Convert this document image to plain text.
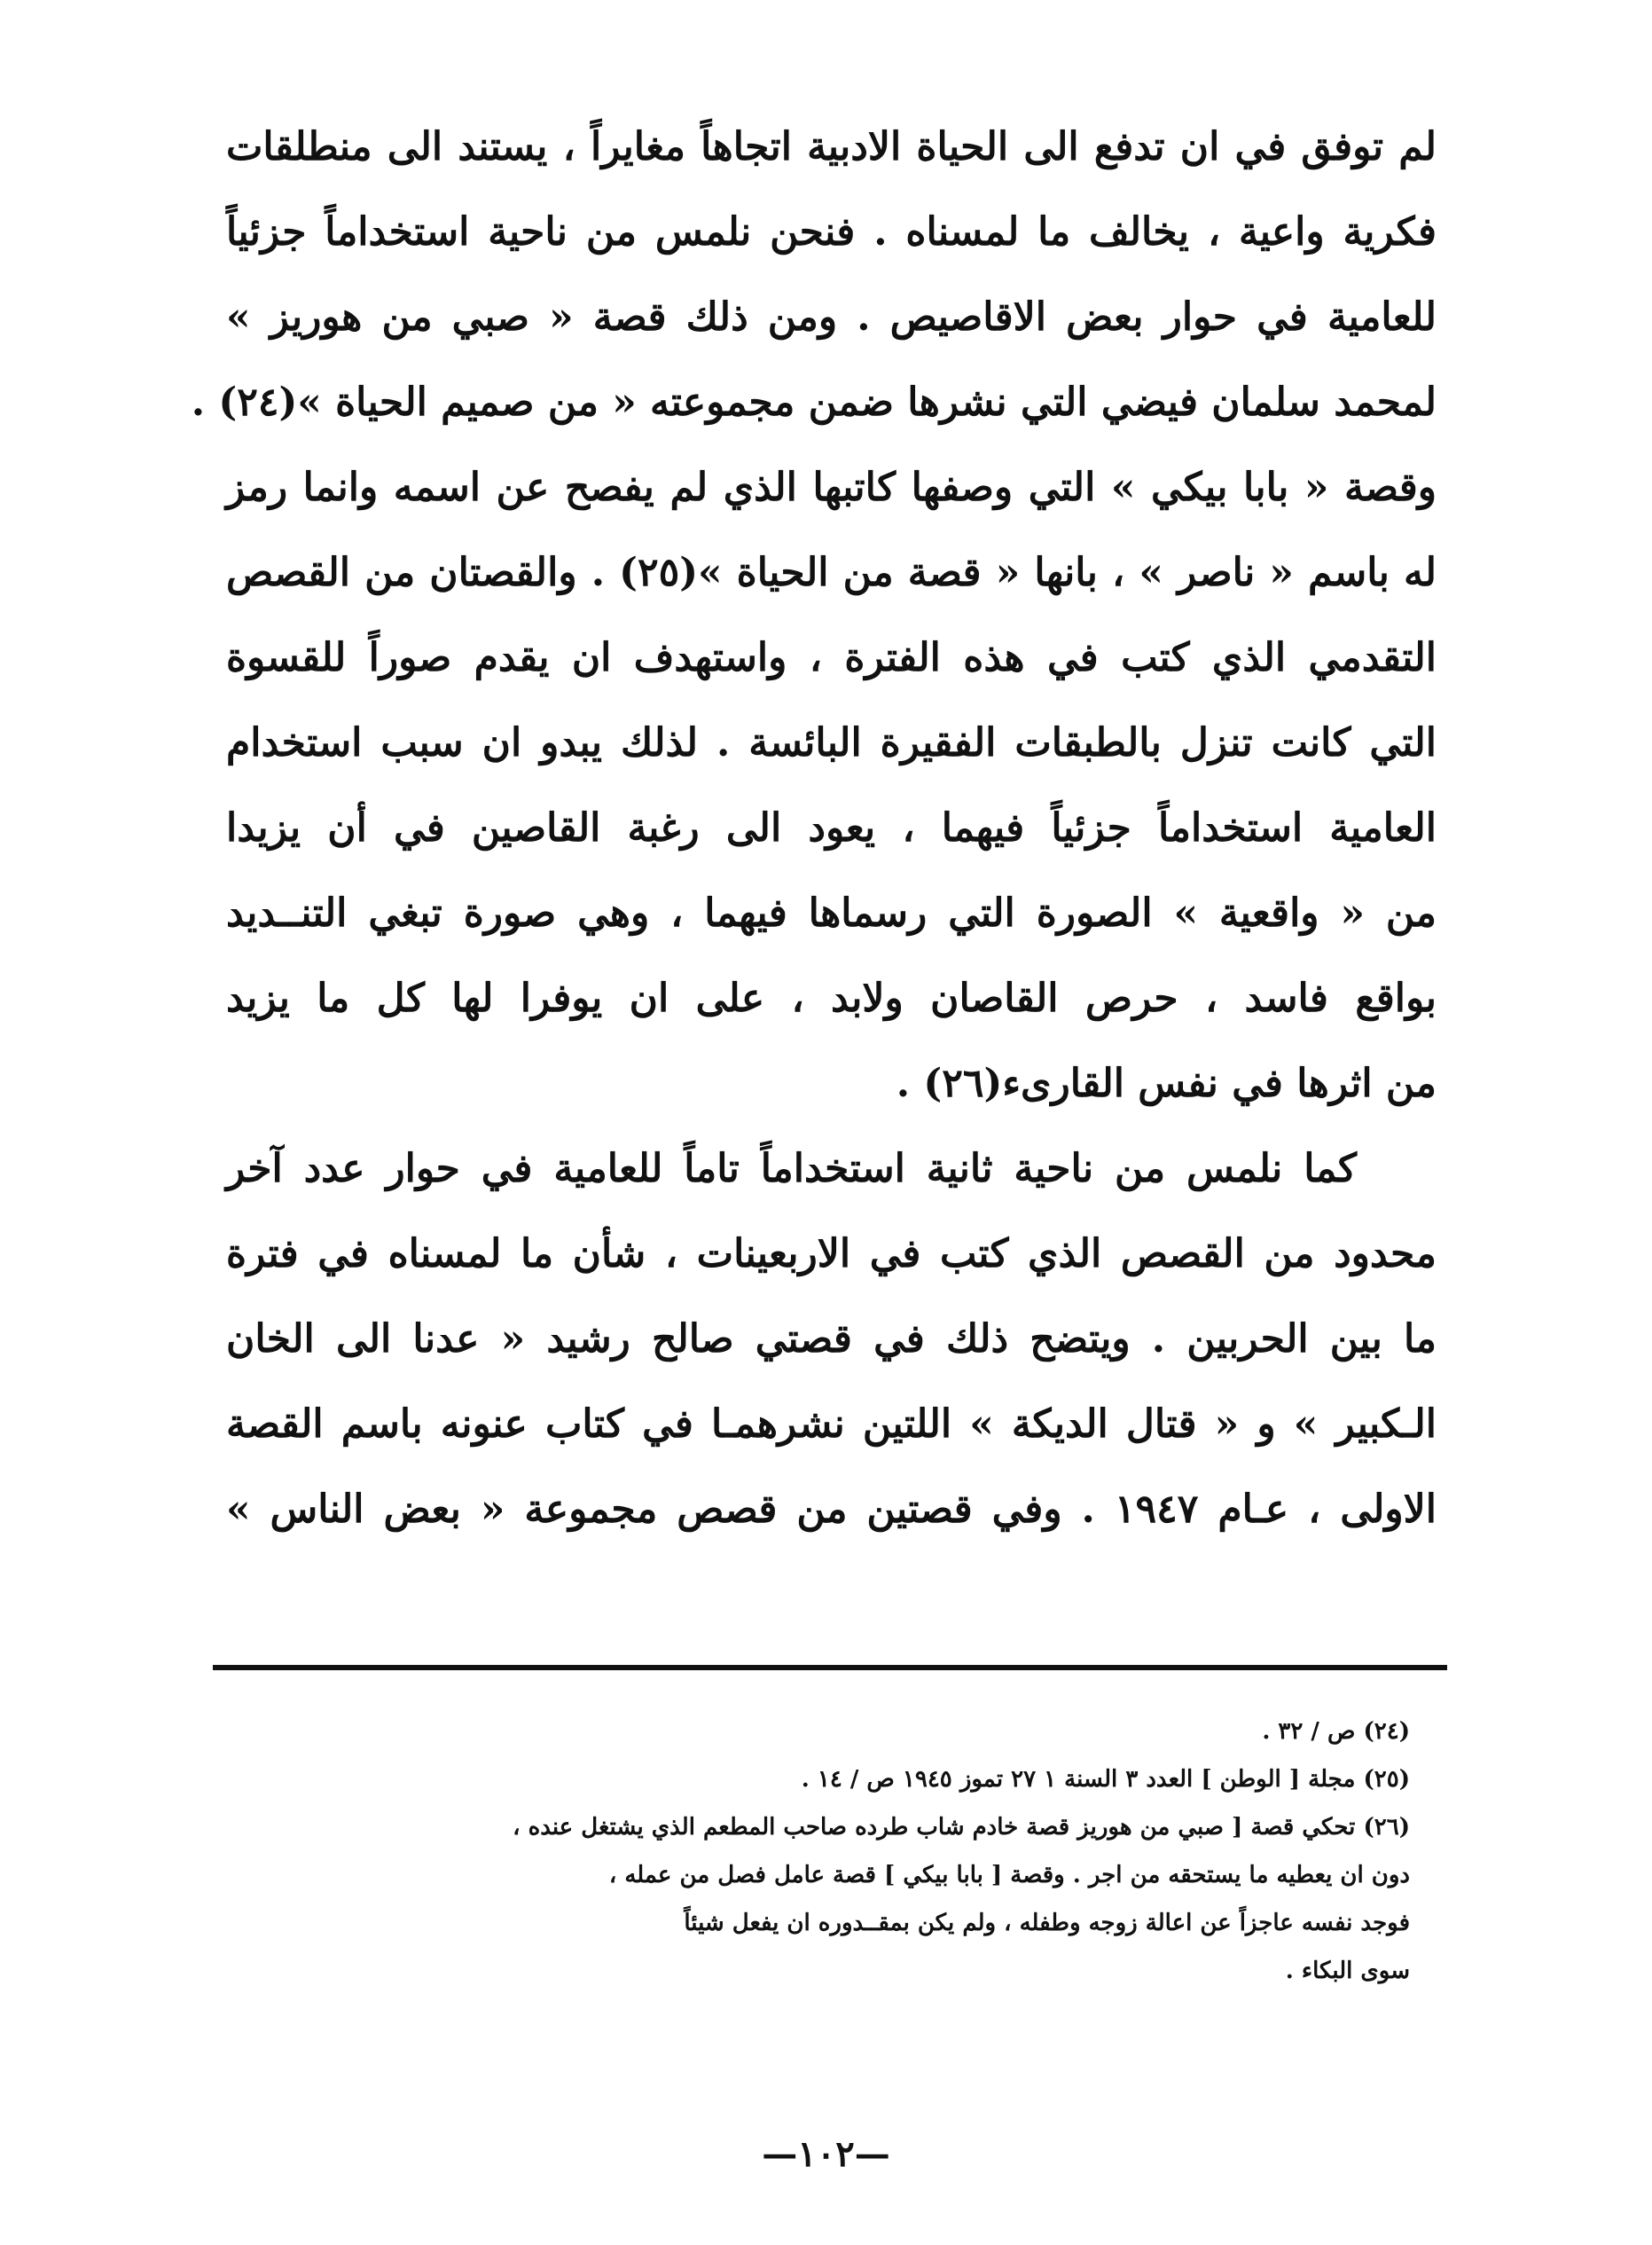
لم توفق في ان تدفع الى الحياة الادبية اتجاهاً مغايراً ، يستند الى منطلقات
فكرية واعية ، يخالف ما لمسناه . فنحن نلمس من ناحية استخداماً جزئياً
للعامية في حوار بعض الاقاصيص . ومن ذلك قصة « صبي من هوريز »
لمحمد سلمان فيضي التي نشرها ضمن مجموعته « من صميم الحياة »(٢٤) .
وقصة « بابا بيكي » التي وصفها كاتبها الذي لم يفصح عن اسمه وانما رمز
له باسم « ناصر » ، بانها « قصة من الحياة »(٢٥) . والقصتان من القصص
التقدمي الذي كتب في هذه الفترة ، واستهدف ان يقدم صوراً للقسوة
التي كانت تنزل بالطبقات الفقيرة البائسة . لذلك يبدو ان سبب استخدام
العامية استخداماً جزئياً فيهما ، يعود الى رغبة القاصين في أن يزيدا
من « واقعية » الصورة التي رسماها فيهما ، وهي صورة تبغي التنــديد
بواقع فاسد ، حرص القاصان ولابد ، على ان يوفرا لها كل ما يزيد
من اثرها في نفس القارىء(٢٦) .
كما نلمس من ناحية ثانية استخداماً تاماً للعامية في حوار عدد آخر
محدود من القصص الذي كتب في الاربعينات ، شأن ما لمسناه في فترة
ما بين الحربين . ويتضح ذلك في قصتي صالح رشيد « عدنا الى الخان
الـكبير » و « قتال الديكة » اللتين نشرهمـا في كتاب عنونه باسم القصة
الاولى ، عـام ١٩٤٧ . وفي قصتين من قصص مجموعة « بعض الناس »
(٢٤) ص / ٣٢ .
(٢٥) مجلة [ الوطن ] العدد ٣ السنة ١ ٢٧ تموز ١٩٤٥ ص / ١٤ .
(٢٦) تحكي قصة [ صبي من هوريز قصة خادم شاب طرده صاحب المطعم الذي يشتغل عنده ،
دون ان يعطيه ما يستحقه من اجر . وقصة [ بابا بيكي ] قصة عامل فصل من عمله ،
فوجد نفسه عاجزاً عن اعالة زوجه وطفله ، ولم يكن بمقــدوره ان يفعل شيئاً
سوى البكاء .
—١٠٢—
